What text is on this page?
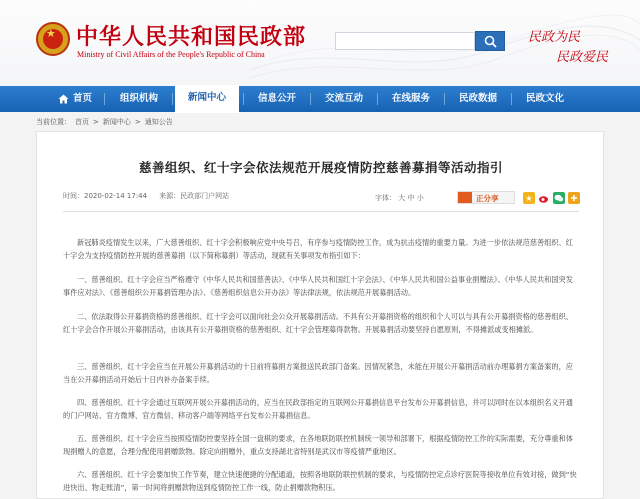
★ 中华人民共和国民政部
Ministry of Civil Affairs of the People's Republic of China
民政为民
民政爱民
首页	组织机构	新闻中心	信息公开	交流互动	在线服务	民政数据	民政文化
当前位置： 首页 > 新闻中心 > 通知公告
慈善组织、红十字会依法规范开展疫情防控慈善募捐等活动指引
时间：2020-02-14 17:44 来源：民政部门户网站	字体： 大 中 小	正分享	★

新冠肺炎疫情发生以来，广大慈善组织、红十字会积极响应党中央号召，有序参与疫情防控工作，成为抗击疫情的重要力量。为进一步依法规范慈善组织、红十字会为支持疫情防控开展的慈善募捐（以下简称募捐）等活动，现就有关事项发布指引如下：

一、慈善组织、红十字会应当严格遵守《中华人民共和国慈善法》、《中华人民共和国红十字会法》、《中华人民共和国公益事业捐赠法》、《中华人民共和国突发事件应对法》、《慈善组织公开募捐管理办法》、《慈善组织信息公开办法》等法律法规，依法规范开展募捐活动。

二、依法取得公开募捐资格的慈善组织、红十字会可以面向社会公众开展募捐活动。不具有公开募捐资格的组织和个人可以与具有公开募捐资格的慈善组织、红十字会合作开展公开募捐活动，由该具有公开募捐资格的慈善组织、红十字会管理募得款物。开展募捐活动要坚持自愿原则，不得摊派或变相摊派。

三、慈善组织、红十字会应当在开展公开募捐活动的十日前将募捐方案报送民政部门备案。因情况紧急，未能在开展公开募捐活动前办理募捐方案备案的，应当在公开募捐活动开始后十日内补办备案手续。

四、慈善组织、红十字会通过互联网开展公开募捐活动的，应当在民政部指定的互联网公开募捐信息平台发布公开募捐信息，并可以同时在以本组织名义开通的门户网站、官方微博、官方微信、移动客户端等网络平台发布公开募捐信息。

五、慈善组织、红十字会应当按照疫情防控要坚持全国一盘棋的要求，在各地联防联控机制统一领导和部署下，根据疫情防控工作的实际需要，充分尊重和体现捐赠人的意愿，合理分配使用捐赠款物。除定向捐赠外，重点支持湖北省特别是武汉市等疫情严重地区。

六、慈善组织、红十字会要加快工作节奏，建立快速便捷的分配通道，按照各地联防联控机制的要求，与疫情防控定点诊疗医院等接收单位有效对接，做到“快进快出、物走账清”，第一时间将捐赠款物送到疫情防控工作一线，防止捐赠款物积压。
